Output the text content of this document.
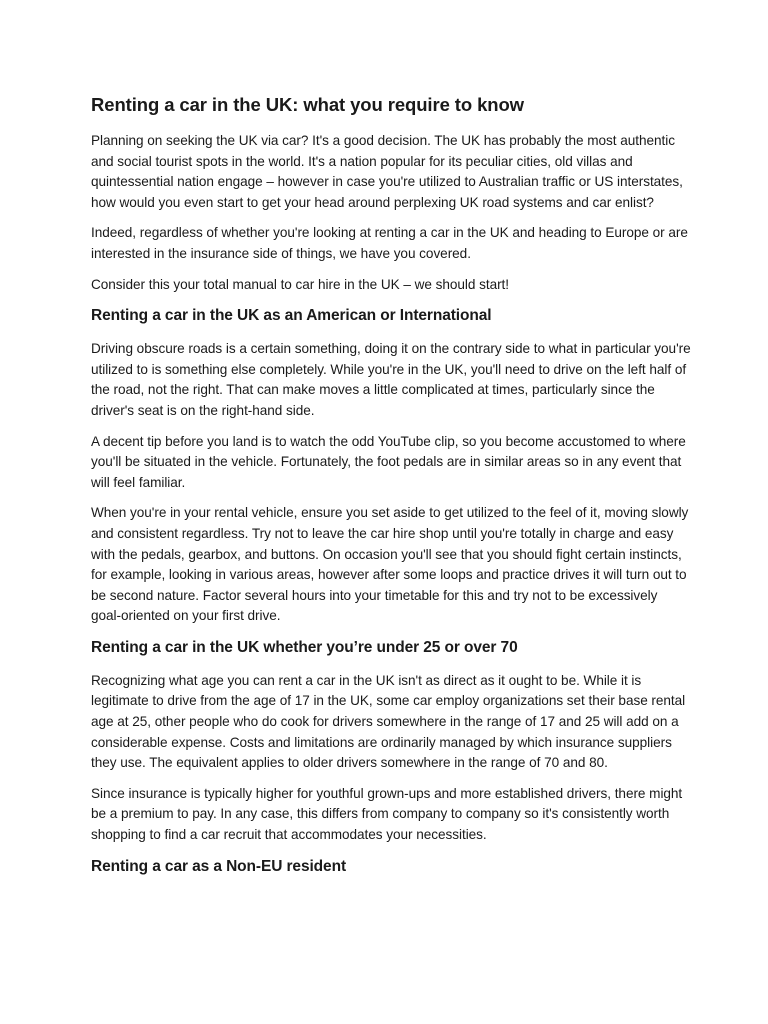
Renting a car in the UK: what you require to know

Planning on seeking the UK via car? It's a good decision. The UK has probably the most authentic and social tourist spots in the world. It's a nation popular for its peculiar cities, old villas and quintessential nation engage – however in case you're utilized to Australian traffic or US interstates, how would you even start to get your head around perplexing UK road systems and car enlist?

Indeed, regardless of whether you're looking at renting a car in the UK and heading to Europe or are interested in the insurance side of things, we have you covered.

Consider this your total manual to car hire in the UK – we should start!

Renting a car in the UK as an American or International

Driving obscure roads is a certain something, doing it on the contrary side to what in particular you're utilized to is something else completely. While you're in the UK, you'll need to drive on the left half of the road, not the right. That can make moves a little complicated at times, particularly since the driver's seat is on the right-hand side.

A decent tip before you land is to watch the odd YouTube clip, so you become accustomed to where you'll be situated in the vehicle. Fortunately, the foot pedals are in similar areas so in any event that will feel familiar.

When you're in your rental vehicle, ensure you set aside to get utilized to the feel of it, moving slowly and consistent regardless. Try not to leave the car hire shop until you're totally in charge and easy with the pedals, gearbox, and buttons. On occasion you'll see that you should fight certain instincts, for example, looking in various areas, however after some loops and practice drives it will turn out to be second nature. Factor several hours into your timetable for this and try not to be excessively goal-oriented on your first drive.

Renting a car in the UK whether you’re under 25 or over 70

Recognizing what age you can rent a car in the UK isn't as direct as it ought to be. While it is legitimate to drive from the age of 17 in the UK, some car employ organizations set their base rental age at 25, other people who do cook for drivers somewhere in the range of 17 and 25 will add on a considerable expense. Costs and limitations are ordinarily managed by which insurance suppliers they use. The equivalent applies to older drivers somewhere in the range of 70 and 80.

Since insurance is typically higher for youthful grown-ups and more established drivers, there might be a premium to pay. In any case, this differs from company to company so it's consistently worth shopping to find a car recruit that accommodates your necessities.

Renting a car as a Non-EU resident
